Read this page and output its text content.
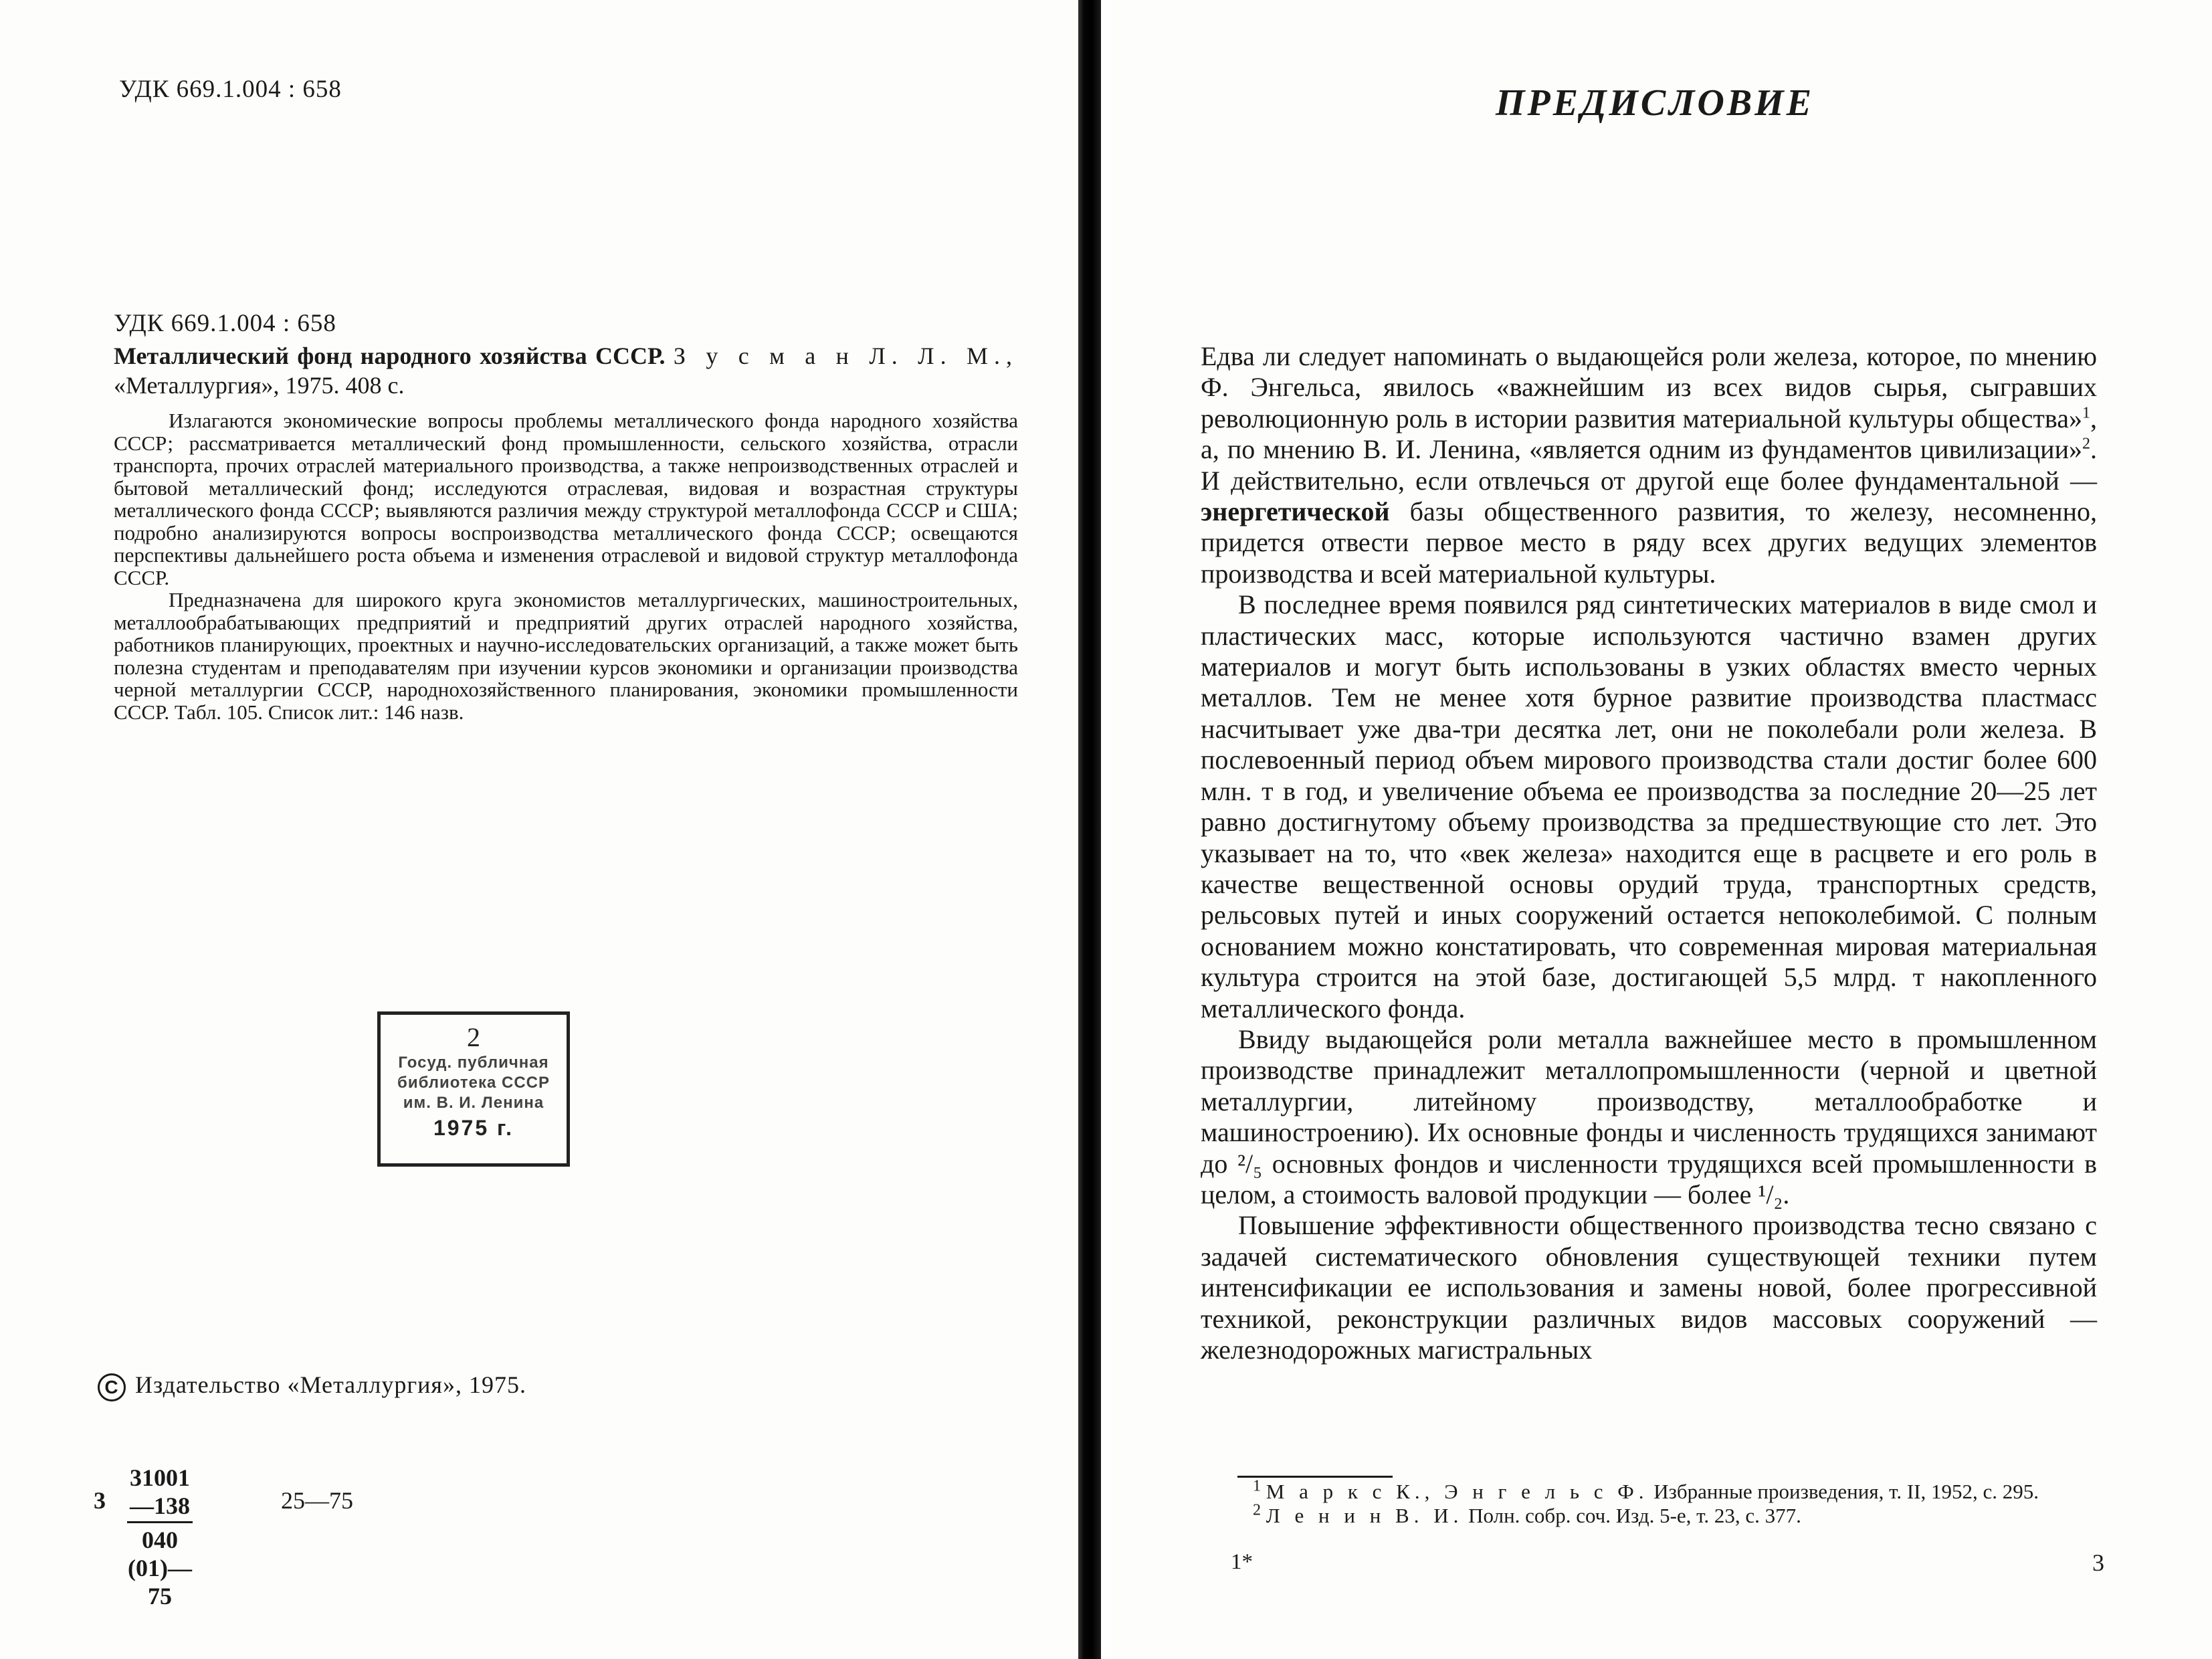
УДК 669.1.004 : 658
УДК 669.1.004 : 658
Металлический фонд народного хозяйства СССР. З у с м а н Л. Л. М., «Металлургия», 1975. 408 с.

Излагаются экономические вопросы проблемы металлического фонда народного хозяйства СССР; рассматривается металлический фонд промышленности, сельского хозяйства, отрасли транспорта, прочих отраслей материального производства, а также непроизводственных отраслей и бытовой металлический фонд; исследуются отраслевая, видовая и возрастная структуры металлического фонда СССР; выявляются различия между структурой металлофонда СССР и США; подробно анализируются вопросы воспроизводства металлического фонда СССР; освещаются перспективы дальнейшего роста объема и изменения отраслевой и видовой структур металлофонда СССР.

Предназначена для широкого круга экономистов металлургических, машиностроительных, металлообрабатывающих предприятий и предприятий других отраслей народного хозяйства, работников планирующих, проектных и научно-исследовательских организаций, а также может быть полезна студентам и преподавателям при изучении курсов экономики и организации производства черной металлургии СССР, народнохозяйственного планирования, экономики промышленности СССР. Табл. 105. Список лит.: 146 назв.

2
Госуд. публичная
библиотека СССР
им. В. И. Ленина
1975 г.
C Издательство «Металлургия», 1975.
$3 \frac{31001—138}{040 (01)—75}$	25—75
ПРЕДИСЛОВИЕ

Едва ли следует напоминать о выдающейся роли железа, которое, по мнению Ф. Энгельса, явилось «важнейшим из всех видов сырья, сыгравших революционную роль в истории развития материальной культуры общества»$^1$, а, по мнению В. И. Ленина, «является одним из фундаментов цивилизации»$^2$. И действительно, если отвлечься от другой еще более фундаментальной — энергетической базы общественного развития, то железу, несомненно, придется отвести первое место в ряду всех других ведущих элементов производства и всей материальной культуры.

В последнее время появился ряд синтетических материалов в виде смол и пластических масс, которые используются частично взамен других материалов и могут быть использованы в узких областях вместо черных металлов. Тем не менее хотя бурное развитие производства пластмасс насчитывает уже два-три десятка лет, они не поколебали роли железа. В послевоенный период объем мирового производства стали достиг более 600 млн. т в год, и увеличение объема ее производства за последние 20—25 лет равно достигнутому объему производства за предшествующие сто лет. Это указывает на то, что «век железа» находится еще в расцвете и его роль в качестве вещественной основы орудий труда, транспортных средств, рельсовых путей и иных сооружений остается непоколебимой. С полным основанием можно констатировать, что современная мировая материальная культура строится на этой базе, достигающей 5,5 млрд. т накопленного металлического фонда.

Ввиду выдающейся роли металла важнейшее место в промышленном производстве принадлежит металлопромышленности (черной и цветной металлургии, литейному производству, металлообработке и машиностроению). Их основные фонды и численность трудящихся занимают до ²/₅ основных фондов и численности трудящихся всей промышленности в целом, а стоимость валовой продукции — более ¹/₂.

Повышение эффективности общественного производства тесно связано с задачей систематического обновления существующей техники путем интенсификации ее использования и замены новой, более прогрессивной техникой, реконструкции различных видов массовых сооружений — железнодорожных магистральных

$^1$ М а р к с К., Э н г е л ь с Ф. Избранные произведения, т. II, 1952, с. 295.
$^2$ Л е н и н В. И. Полн. собр. соч. Изд. 5-е, т. 23, с. 377.
1*	3
